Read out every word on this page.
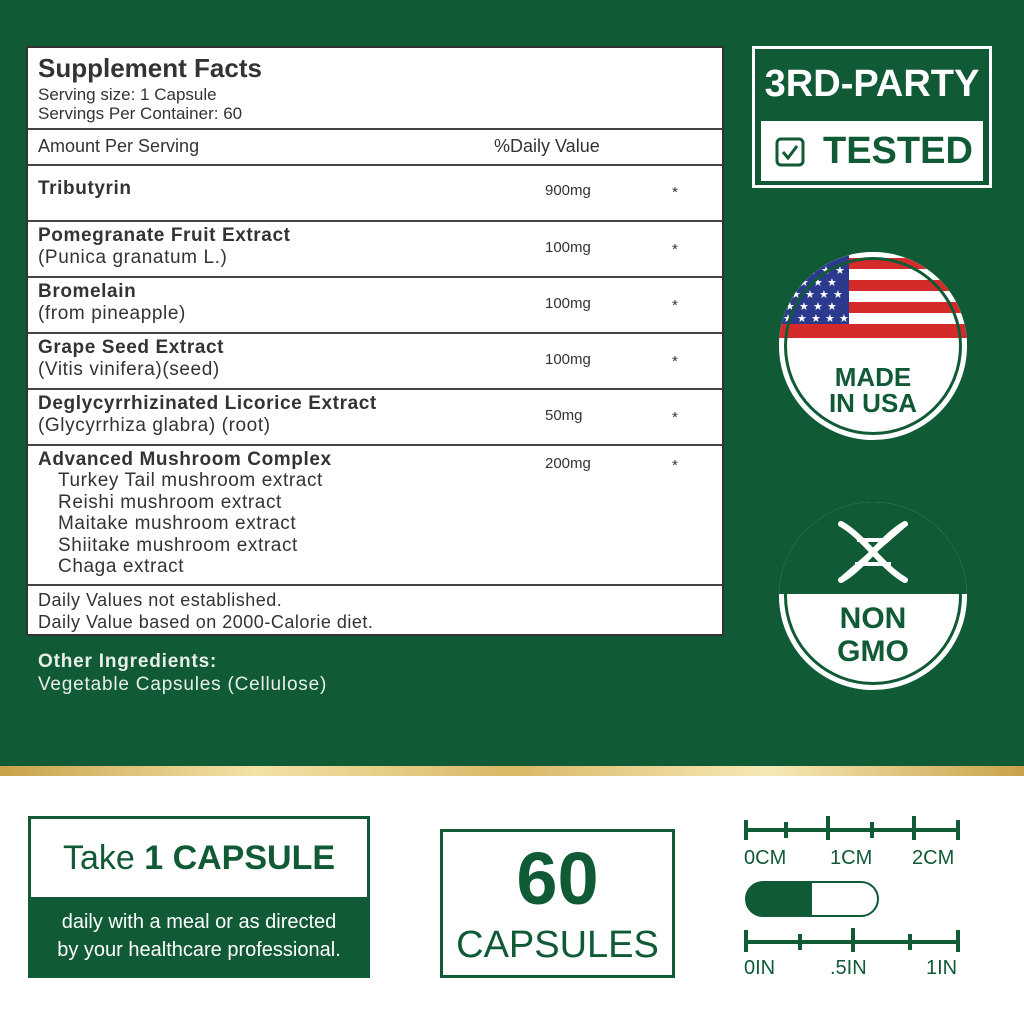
Supplement Facts
Serving size: 1 Capsule
Servings Per Container: 60
Amount Per Serving	%Daily Value
Tributyrin	900mg	*
Pomegranate Fruit Extract
(Punica granatum L.)	100mg	*
Bromelain
(from pineapple)	100mg	*
Grape Seed Extract
(Vitis vinifera)(seed)	100mg	*
Deglycyrrhizinated Licorice Extract
(Glycyrrhiza glabra) (root)	50mg	*
Advanced Mushroom Complex	200mg	*
Turkey Tail mushroom extract
Reishi mushroom extract
Maitake mushroom extract
Shiitake mushroom extract
Chaga extract
Daily Values not established.
Daily Value based on 2000-Calorie diet.
Other Ingredients:
Vegetable Capsules (Cellulose)
3RD-PARTY
TESTED
★ ★ ★
★ ★ ★
★ ★ ★ ★
★ ★ ★ ★
★ ★ ★ ★ ★
MADE
IN USA
NON
GMO
Take 1 CAPSULE
daily with a meal or as directed
by your healthcare professional.
60
CAPSULES
0CM 1CM 2CM
0IN	.5IN	1IN
